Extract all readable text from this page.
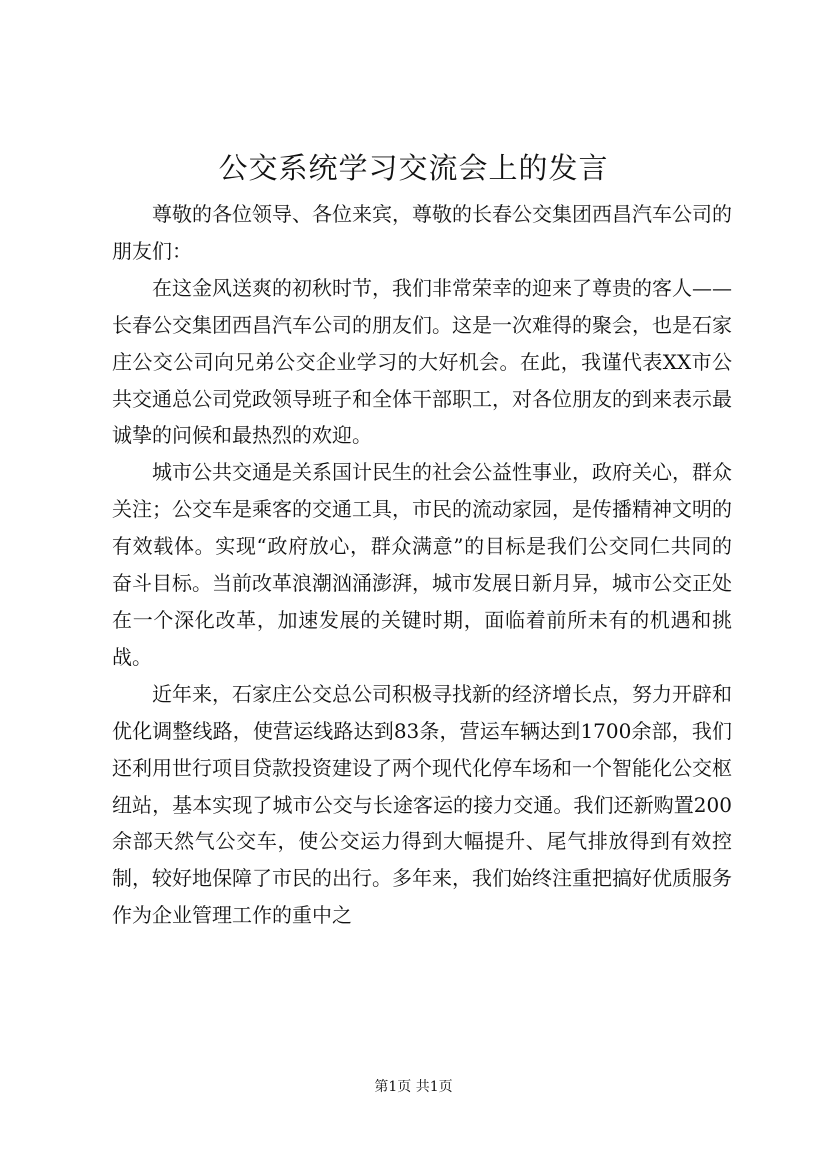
公交系统学习交流会上的发言

尊敬的各位领导、各位来宾，尊敬的长春公交集团西昌汽车公司的朋友们：

在这金风送爽的初秋时节，我们非常荣幸的迎来了尊贵的客人——长春公交集团西昌汽车公司的朋友们。这是一次难得的聚会，也是石家庄公交公司向兄弟公交企业学习的大好机会。在此，我谨代表XX市公共交通总公司党政领导班子和全体干部职工，对各位朋友的到来表示最诚挚的问候和最热烈的欢迎。

城市公共交通是关系国计民生的社会公益性事业，政府关心，群众关注；公交车是乘客的交通工具，市民的流动家园，是传播精神文明的有效载体。实现“政府放心，群众满意”的目标是我们公交同仁共同的奋斗目标。当前改革浪潮汹涌澎湃，城市发展日新月异，城市公交正处在一个深化改革，加速发展的关键时期，面临着前所未有的机遇和挑战。

近年来，石家庄公交总公司积极寻找新的经济增长点，努力开辟和优化调整线路，使营运线路达到83条，营运车辆达到1700余部，我们还利用世行项目贷款投资建设了两个现代化停车场和一个智能化公交枢纽站，基本实现了城市公交与长途客运的接力交通。我们还新购置200余部天然气公交车，使公交运力得到大幅提升、尾气排放得到有效控制，较好地保障了市民的出行。多年来，我们始终注重把搞好优质服务作为企业管理工作的重中之

第1页 共1页
